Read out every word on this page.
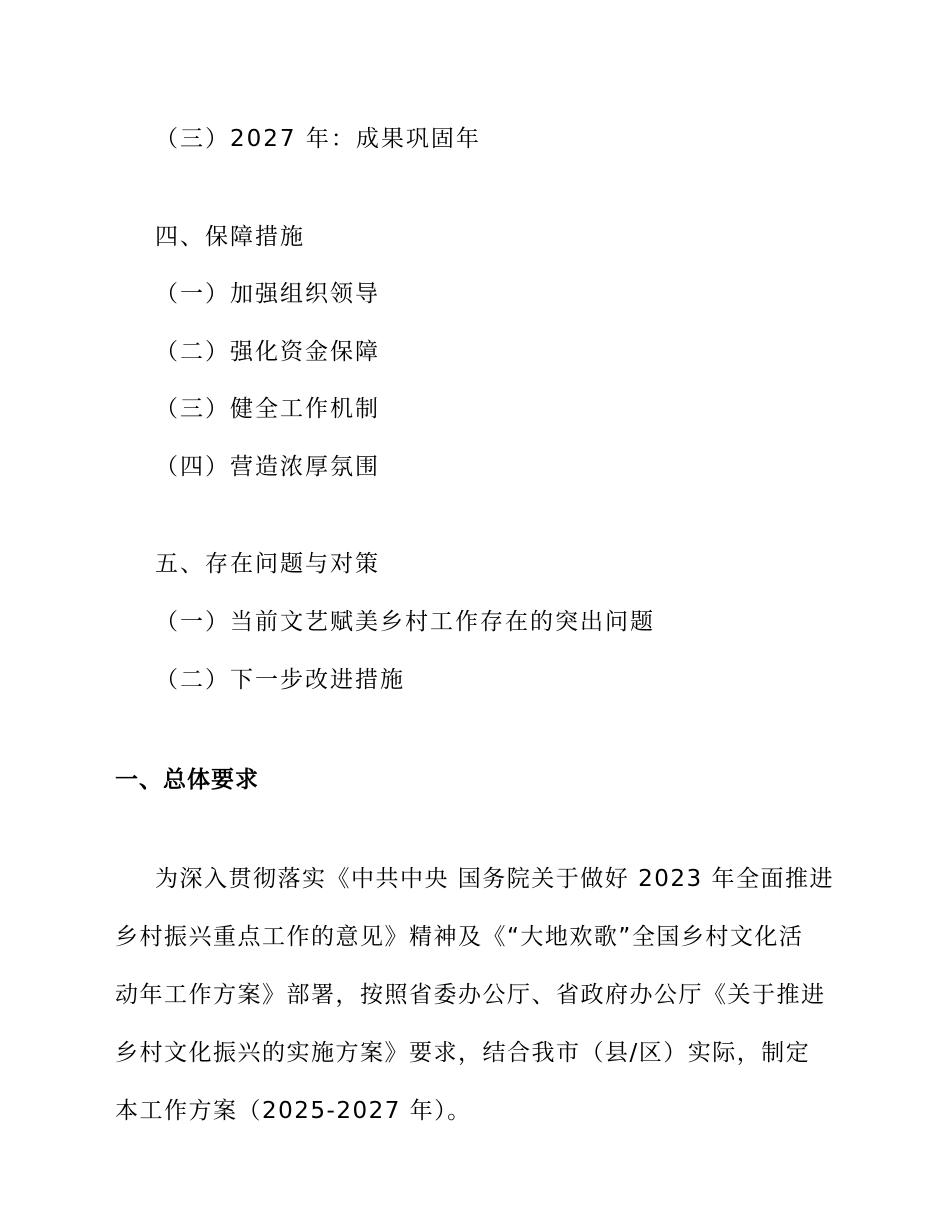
（三）2027 年：成果巩固年
四、保障措施
（一）加强组织领导
（二）强化资金保障
（三）健全工作机制
（四）营造浓厚氛围
五、存在问题与对策
（一）当前文艺赋美乡村工作存在的突出问题
（二）下一步改进措施
一、总体要求
为深入贯彻落实《中共中央 国务院关于做好 2023 年全面推进
乡村振兴重点工作的意见》精神及《“大地欢歌”全国乡村文化活
动年工作方案》部署，按照省委办公厅、省政府办公厅《关于推进
乡村文化振兴的实施方案》要求，结合我市（县/区）实际，制定
本工作方案（2025-2027 年）。
